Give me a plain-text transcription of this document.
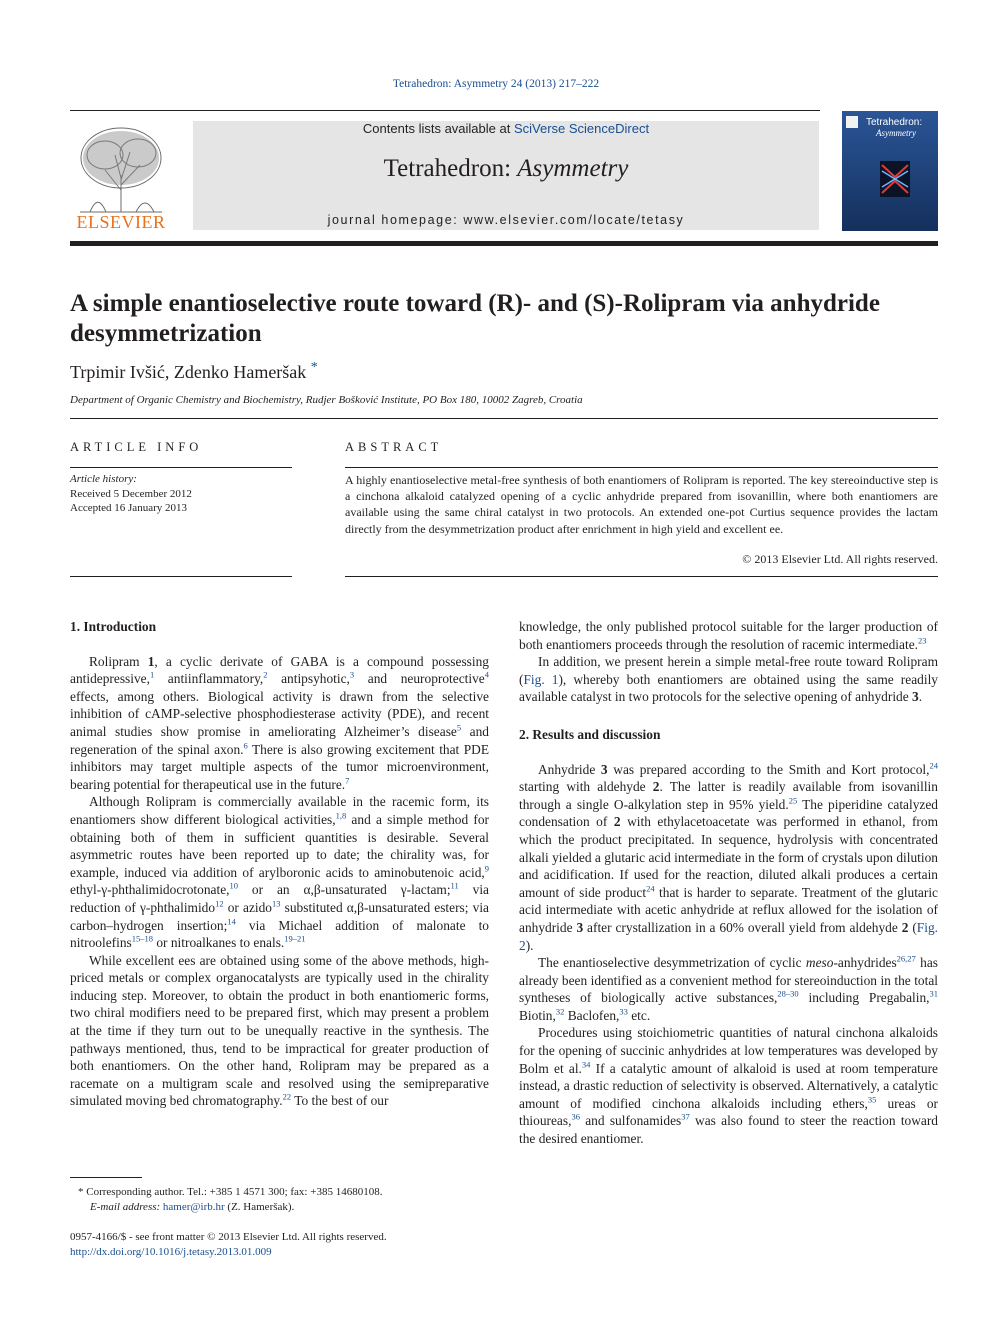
Tetrahedron: Asymmetry 24 (2013) 217–222
ELSEVIER
Contents lists available at SciVerse ScienceDirect
Tetrahedron: Asymmetry
journal homepage: www.elsevier.com/locate/tetasy
Tetrahedron:
Asymmetry
A simple enantioselective route toward (R)- and (S)-Rolipram via anhydride
desymmetrization
Trpimir Ivšić, Zdenko Hameršak *
Department of Organic Chemistry and Biochemistry, Rudjer Bošković Institute, PO Box 180, 10002 Zagreb, Croatia
ARTICLE INFO	ABSTRACT
Article history:
Received 5 December 2012
Accepted 16 January 2013
A highly enantioselective metal-free synthesis of both enantiomers of Rolipram is reported. The key stereoinductive step is a cinchona alkaloid catalyzed opening of a cyclic anhydride prepared from isovanillin, where both enantiomers are available using the same chiral catalyst in two protocols. An extended one-pot Curtius sequence provides the lactam directly from the desymmetrization product after enrichment in high yield and excellent ee.
© 2013 Elsevier Ltd. All rights reserved.
1. Introduction

Rolipram 1, a cyclic derivate of GABA is a compound possessing antidepressive,$^1$ antiinflammatory,$^2$ antipsyhotic,$^3$ and neuroprotective$^4$ effects, among others. Biological activity is drawn from the selective inhibition of cAMP-selective phosphodiesterase activity (PDE), and recent animal studies show promise in ameliorating Alzheimer’s disease$^5$ and regeneration of the spinal axon.$^6$ There is also growing excitement that PDE inhibitors may target multiple aspects of the tumor microenvironment, bearing potential for therapeutical use in the future.$^7$

Although Rolipram is commercially available in the racemic form, its enantiomers show different biological activities,$^{1,8}$ and a simple method for obtaining both of them in sufficient quantities is desirable. Several asymmetric routes have been reported up to date; the chirality was, for example, induced via addition of arylboronic acids to aminobutenoic acid,$^9$ ethyl-γ-phthalimidocrotonate,$^{10}$ or an α,β-unsaturated γ-lactam;$^{11}$ via reduction of γ-phthalimido$^{12}$ or azido$^{13}$ substituted α,β-unsaturated esters; via carbon–hydrogen insertion;$^{14}$ via Michael addition of malonate to nitroolefins$^{15-18}$ or nitroalkanes to enals.$^{19-21}$

While excellent ees are obtained using some of the above methods, high-priced metals or complex organocatalysts are typically used in the chirality inducing step. Moreover, to obtain the product in both enantiomeric forms, two chiral modifiers need to be prepared first, which may present a problem at the time if they turn out to be unequally reactive in the synthesis. The pathways mentioned, thus, tend to be impractical for greater production of both enantiomers. On the other hand, Rolipram may be prepared as a racemate on a multigram scale and resolved using the semipreparative simulated moving bed chromatography.$^{22}$ To the best of our

knowledge, the only published protocol suitable for the larger production of both enantiomers proceeds through the resolution of racemic intermediate.$^{23}$

In addition, we present herein a simple metal-free route toward Rolipram (Fig. 1), whereby both enantiomers are obtained using the same readily available catalyst in two protocols for the selective opening of anhydride 3.

2. Results and discussion

Anhydride 3 was prepared according to the Smith and Kort protocol,$^{24}$ starting with aldehyde 2. The latter is readily available from isovanillin through a single O-alkylation step in 95% yield.$^{25}$ The piperidine catalyzed condensation of 2 with ethylacetoacetate was performed in ethanol, from which the product precipitated. In sequence, hydrolysis with concentrated alkali yielded a glutaric acid intermediate in the form of crystals upon dilution and acidification. If used for the reaction, diluted alkali produces a certain amount of side product$^{24}$ that is harder to separate. Treatment of the glutaric acid intermediate with acetic anhydride at reflux allowed for the isolation of anhydride 3 after crystallization in a 60% overall yield from aldehyde 2 (Fig. 2).

The enantioselective desymmetrization of cyclic meso-anhydrides$^{26,27}$ has already been identified as a convenient method for stereoinduction in the total syntheses of biologically active substances,$^{28-30}$ including Pregabalin,$^{31}$ Biotin,$^{32}$ Baclofen,$^{33}$ etc.

Procedures using stoichiometric quantities of natural cinchona alkaloids for the opening of succinic anhydrides at low temperatures was developed by Bolm et al.$^{34}$ If a catalytic amount of alkaloid is used at room temperature instead, a drastic reduction of selectivity is observed. Alternatively, a catalytic amount of modified cinchona alkaloids including ethers,$^{35}$ ureas or thioureas,$^{36}$ and sulfonamides$^{37}$ was also found to steer the reaction toward the desired enantiomer.

* Corresponding author. Tel.: +385 1 4571 300; fax: +385 14680108.
E-mail address: hamer@irb.hr (Z. Hameršak).
0957-4166/$ - see front matter © 2013 Elsevier Ltd. All rights reserved.
http://dx.doi.org/10.1016/j.tetasy.2013.01.009
